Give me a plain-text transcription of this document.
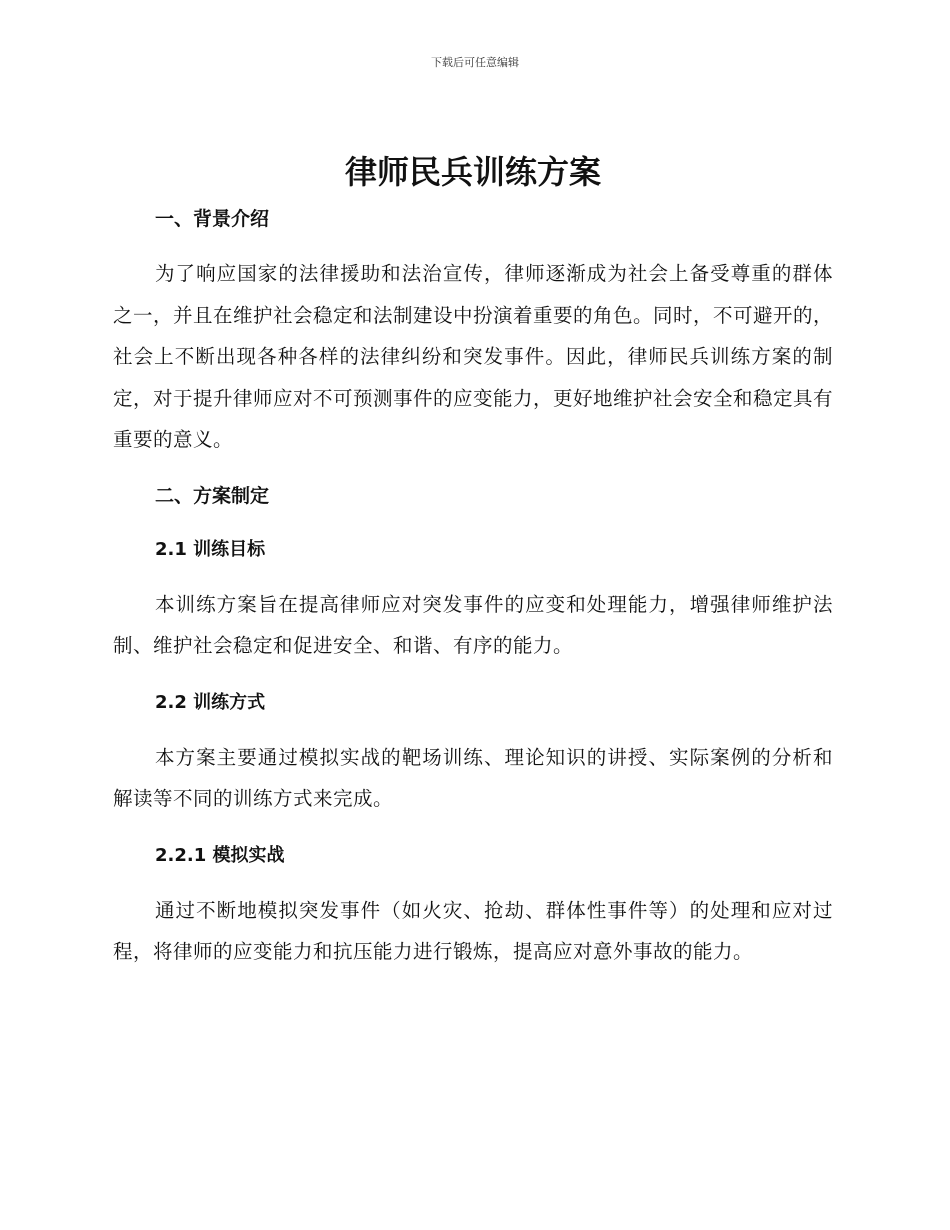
下载后可任意编辑
律师民兵训练方案
一、背景介绍

为了响应国家的法律援助和法治宣传，律师逐渐成为社会上备受尊重的群体之一，并且在维护社会稳定和法制建设中扮演着重要的角色。同时，不可避开的，社会上不断出现各种各样的法律纠纷和突发事件。因此，律师民兵训练方案的制定，对于提升律师应对不可预测事件的应变能力，更好地维护社会安全和稳定具有重要的意义。

二、方案制定
2.1 训练目标

本训练方案旨在提高律师应对突发事件的应变和处理能力，增强律师维护法制、维护社会稳定和促进安全、和谐、有序的能力。

2.2 训练方式

本方案主要通过模拟实战的靶场训练、理论知识的讲授、实际案例的分析和解读等不同的训练方式来完成。

2.2.1 模拟实战

通过不断地模拟突发事件（如火灾、抢劫、群体性事件等）的处理和应对过程，将律师的应变能力和抗压能力进行锻炼，提高应对意外事故的能力。
